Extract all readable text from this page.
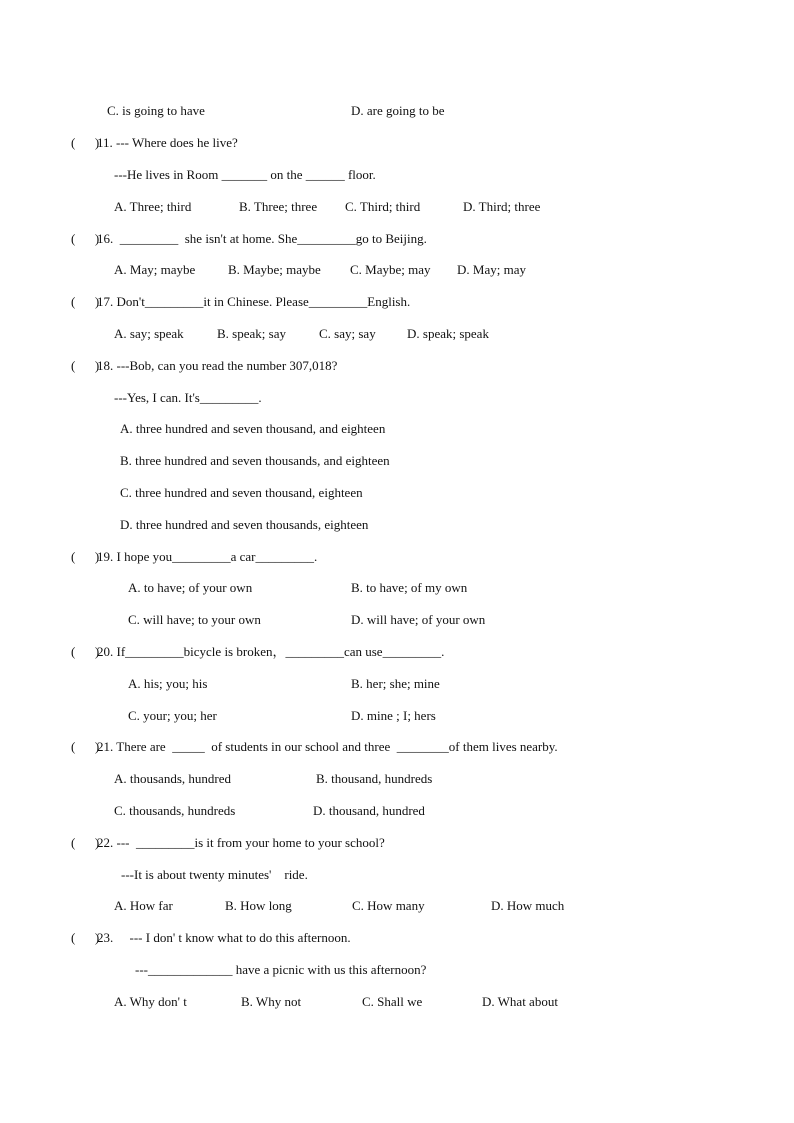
C. is going to have	D. are going to be
(      )
11. --- Where does he live?
---He lives in Room _______ on the ______ floor.
A. Three; third	B. Three; three C. Third; third	D. Third; three
(      )
16.  _________  she isn't at home. She_________go to Beijing.
A. May; maybe	B. Maybe; maybe C. Maybe; may D. May; may
(      )
17. Don't_________it in Chinese. Please_________English.
A. say; speak	B. speak; say	C. say; say D. speak; speak
(      )
18. ---Bob, can you read the number 307,018?
---Yes, I can. It's_________.
A. three hundred and seven thousand, and eighteen
B. three hundred and seven thousands, and eighteen
C. three hundred and seven thousand, eighteen
D. three hundred and seven thousands, eighteen
(      )
19. I hope you_________a car_________.
A. to have; of your own	B. to have; of my own
C. will have; to your own	D. will have; of your own
(      )
20. If_________bicycle is broken，_________can use_________.
A. his; you; his	B. her; she; mine
C. your; you; her	D. mine ; I; hers
(      )
21. There are  _____  of students in our school and three  ________of them lives nearby.
A. thousands, hundred	B. thousand, hundreds
C. thousands, hundreds	D. thousand, hundred
(      )
22. ---  _________is it from your home to your school?
---It is about twenty minutes'    ride.
A. How far	B. How long	C. How many	D. How much
(      )
23.     --- I don' t know what to do this afternoon.
---_____________ have a picnic with us this afternoon?
A. Why don' t	B. Why not	C. Shall we	D. What about
